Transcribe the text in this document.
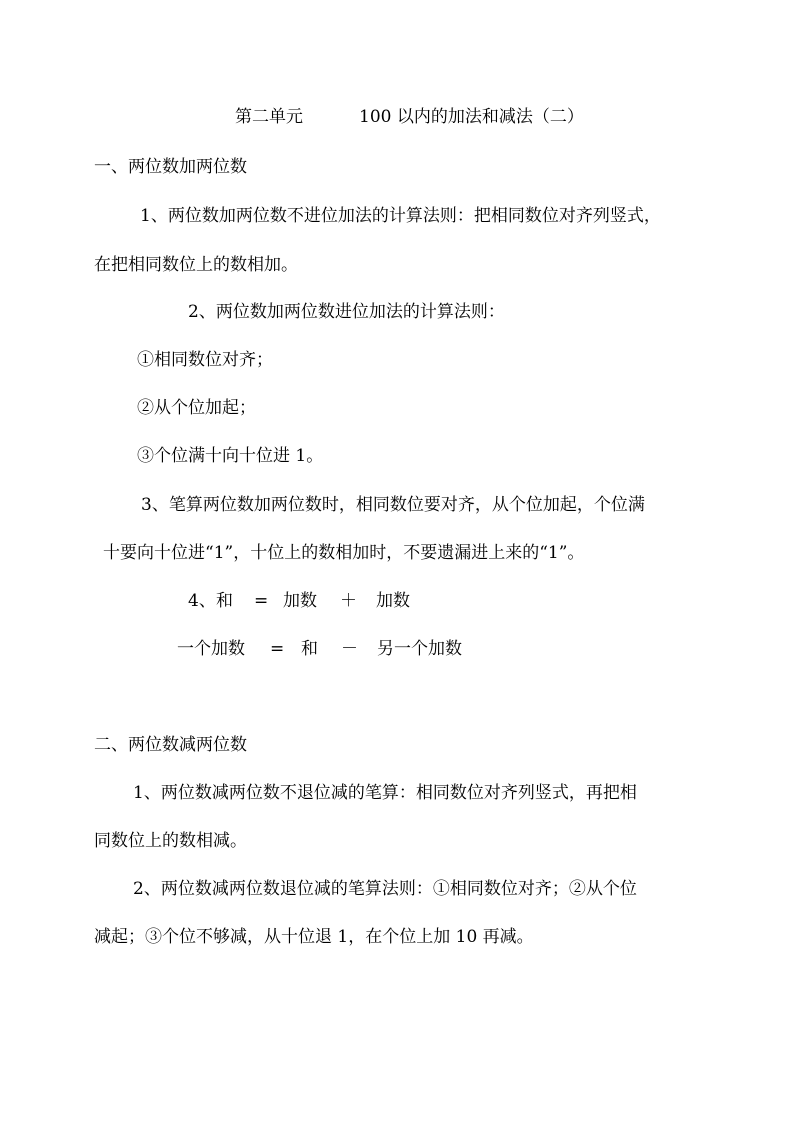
第二单元	100 以内的加法和减法（二）
一、两位数加两位数
1、两位数加两位数不进位加法的计算法则：把相同数位对齐列竖式，
在把相同数位上的数相加。
2、两位数加两位数进位加法的计算法则：
①相同数位对齐；
②从个位加起；
③个位满十向十位进 1。
3、笔算两位数加两位数时，相同数位要对齐，从个位加起，个位满
十要向十位进“1”，十位上的数相加时，不要遗漏进上来的“1”。
4、 和 = 加数 ＋ 加数
一个加数 = 和 － 另一个加数
二、两位数减两位数
1、两位数减两位数不退位减的笔算：相同数位对齐列竖式，再把相
同数位上的数相减。
2、两位数减两位数退位减的笔算法则：①相同数位对齐；②从个位
减起；③个位不够减，从十位退 1，在个位上加 10 再减。
